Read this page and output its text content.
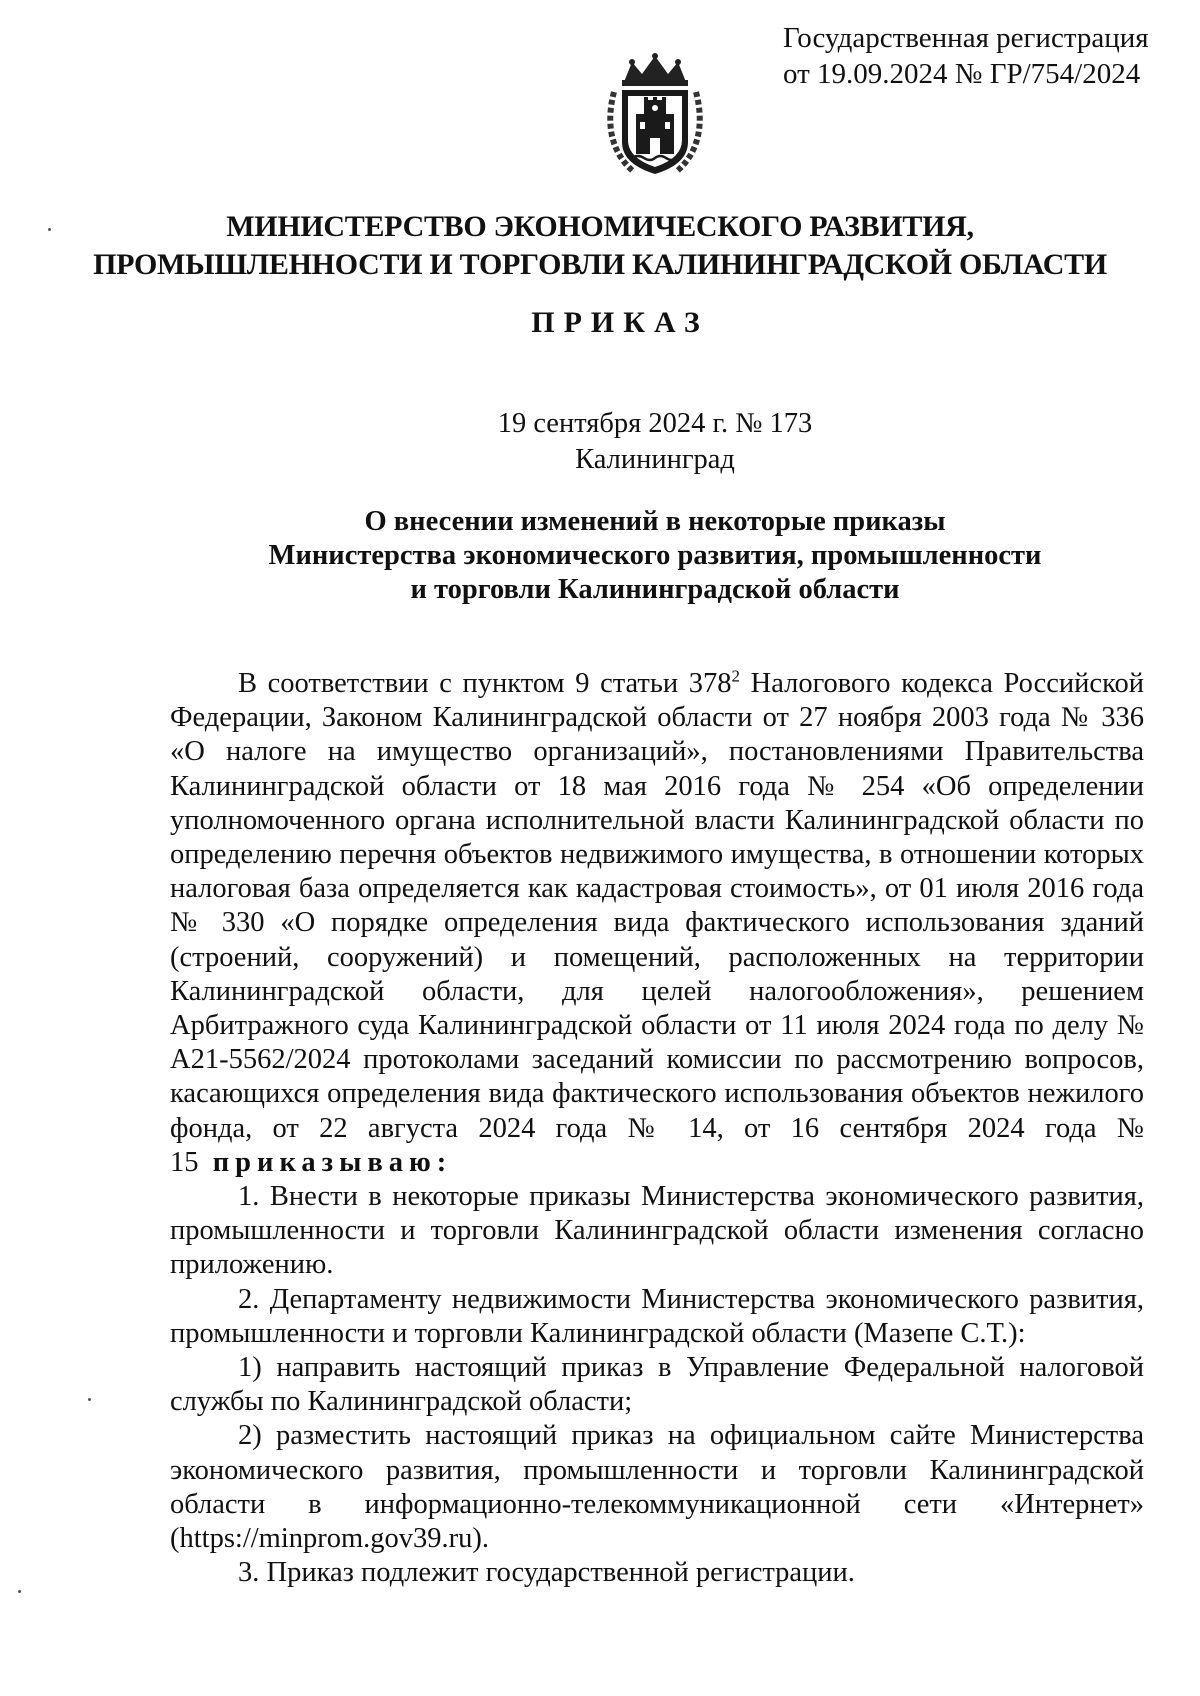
Государственная регистрация
от 19.09.2024 № ГР/754/2024
МИНИСТЕРСТВО ЭКОНОМИЧЕСКОГО РАЗВИТИЯ,
ПРОМЫШЛЕННОСТИ И ТОРГОВЛИ КАЛИНИНГРАДСКОЙ ОБЛАСТИ
ПРИКАЗ
19 сентября 2024 г. № 173
Калининград
О внесении изменений в некоторые приказы
Министерства экономического развития, промышленности
и торговли Калининградской области

В соответствии с пунктом 9 статьи $378^2$ Налогового кодекса Российской Федерации, Законом Калининградской области от 27 ноября 2003 года № 336 «О налоге на имущество организаций», постановлениями Правительства Калининградской области от 18 мая 2016 года № 254 «Об определении уполномоченного органа исполнительной власти Калининградской области по определению перечня объектов недвижимого имущества, в отношении которых налоговая база определяется как кадастровая стоимость», от 01 июля 2016 года № 330 «О порядке определения вида фактического использования зданий (строений, сооружений) и помещений, расположенных на территории Калининградской области, для целей налогообложения», решением Арбитражного суда Калининградской области от 11 июля 2024 года по делу № А21-5562/2024 протоколами заседаний комиссии по рассмотрению вопросов, касающихся определения вида фактического использования объектов нежилого фонда, от 22 августа 2024 года № 14, от 16 сентября 2024 года № 15 приказываю:

1. Внести в некоторые приказы Министерства экономического развития, промышленности и торговли Калининградской области изменения согласно приложению.

2. Департаменту недвижимости Министерства экономического развития, промышленности и торговли Калининградской области (Мазепе С.Т.):

1) направить настоящий приказ в Управление Федеральной налоговой службы по Калининградской области;

2) разместить настоящий приказ на официальном сайте Министерства экономического развития, промышленности и торговли Калининградской области в информационно-телекоммуникационной сети «Интернет» (https://minprom.gov39.ru).

3. Приказ подлежит государственной регистрации.
